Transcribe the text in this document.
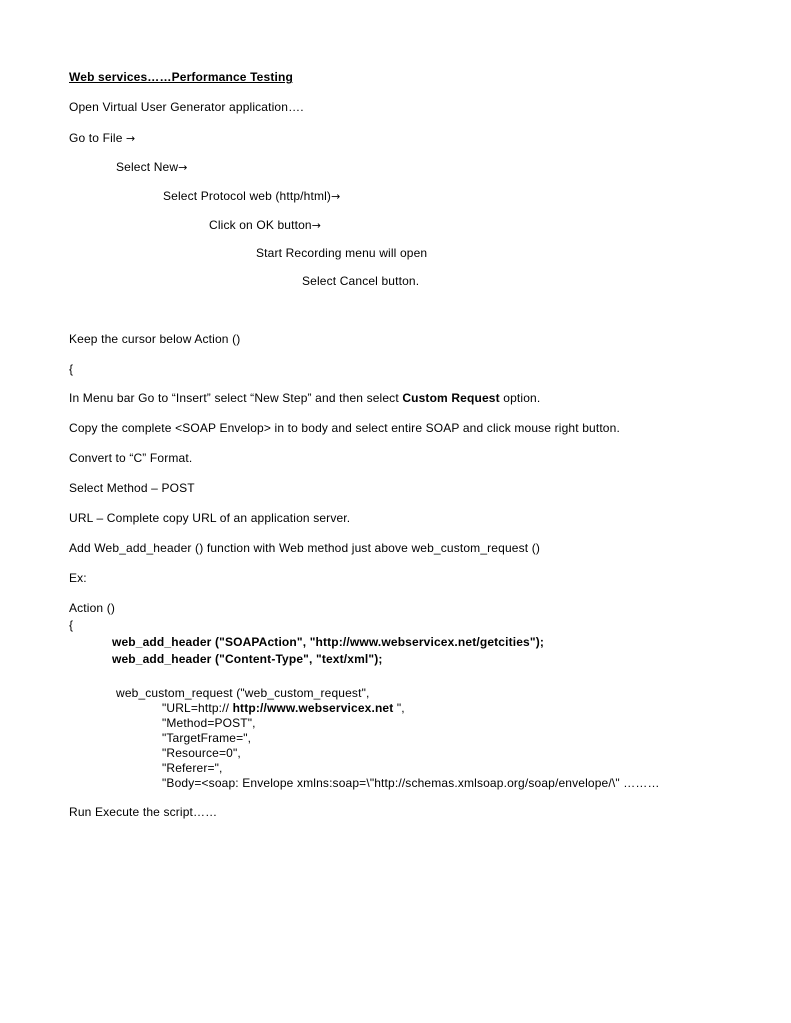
Web services……Performance Testing
Open Virtual User Generator application….
Go to File →
Select New→
Select Protocol web (http/html)→
Click on OK button→
Start Recording menu will open
Select Cancel button.
Keep the cursor below Action ()
{
In Menu bar Go to “Insert” select “New Step” and then select Custom Request option.
Copy the complete <SOAP Envelop> in to body and select entire SOAP and click mouse right button.
Convert to “C” Format.
Select Method – POST
URL – Complete copy URL of an application server.
Add Web_add_header () function with Web method just above web_custom_request ()
Ex:
Action ()
{
web_add_header ("SOAPAction", "http://www.webservicex.net/getcities");
web_add_header ("Content-Type", "text/xml");
web_custom_request ("web_custom_request",
"URL=http:// http://www.webservicex.net ",
"Method=POST",
"TargetFrame=",
"Resource=0",
"Referer=",
"Body=<soap: Envelope xmlns:soap=\"http://schemas.xmlsoap.org/soap/envelope/\" ………
Run Execute the script……
